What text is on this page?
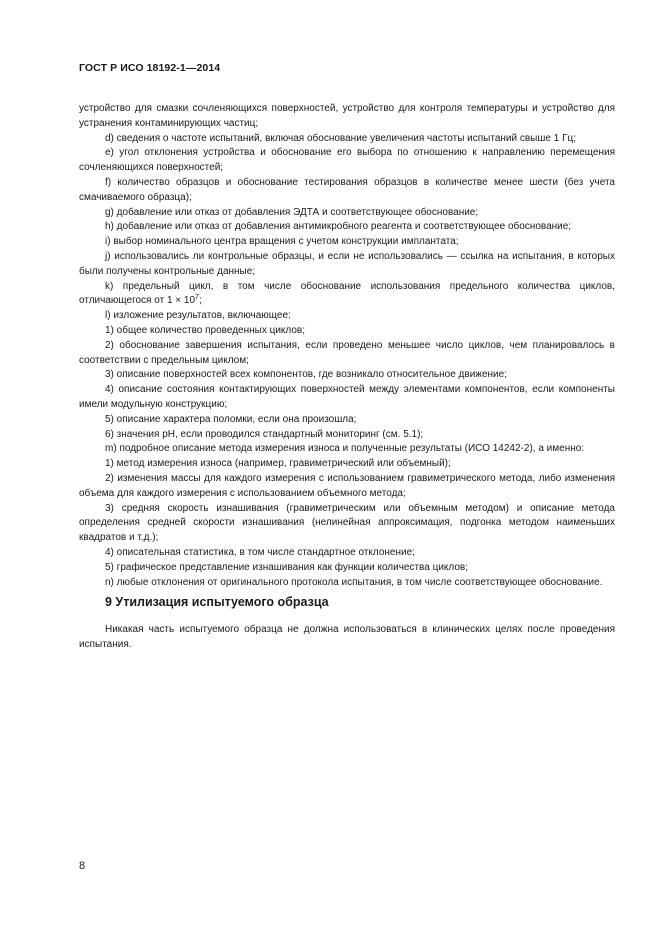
ГОСТ Р ИСО 18192-1—2014

устройство для смазки сочленяющихся поверхностей, устройство для контроля температуры и устройство для устранения контаминирующих частиц;

d) сведения о частоте испытаний, включая обоснование увеличения частоты испытаний свыше 1 Гц;

e) угол отклонения устройства и обоснование его выбора по отношению к направлению перемещения сочленяющихся поверхностей;

f) количество образцов и обоснование тестирования образцов в количестве менее шести (без учета смачиваемого образца);

g) добавление или отказ от добавления ЭДТА и соответствующее обоснование;

h) добавление или отказ от добавления антимикробного реагента и соответствующее обоснование;

i) выбор номинального центра вращения с учетом конструкции имплантата;

j) использовались ли контрольные образцы, и если не использовались — ссылка на испытания, в которых были получены контрольные данные;

k) предельный цикл, в том числе обоснование использования предельного количества циклов, отличающегося от $1 \times 10^7$;

l) изложение результатов, включающее:

1) общее количество проведенных циклов;

2) обоснование завершения испытания, если проведено меньшее число циклов, чем планировалось в соответствии с предельным циклом;

3) описание поверхностей всех компонентов, где возникало относительное движение;

4) описание состояния контактирующих поверхностей между элементами компонентов, если компоненты имели модульную конструкцию;

5) описание характера поломки, если она произошла;

6) значения pH, если проводился стандартный мониторинг (см. 5.1);

m) подробное описание метода измерения износа и полученные результаты (ИСО 14242-2), а именно:

1) метод измерения износа (например, гравиметрический или объемный);

2) изменения массы для каждого измерения с использованием гравиметрического метода, либо изменения объема для каждого измерения с использованием объемного метода;

3) средняя скорость изнашивания (гравиметрическим или объемным методом) и описание метода определения средней скорости изнашивания (нелинейная аппроксимация, подгонка методом наименьших квадратов и т.д.);

4) описательная статистика, в том числе стандартное отклонение;

5) графическое представление изнашивания как функции количества циклов;

n) любые отклонения от оригинального протокола испытания, в том числе соответствующее обоснование.

9 Утилизация испытуемого образца

Никакая часть испытуемого образца не должна использоваться в клинических целях после проведения испытания.

8
